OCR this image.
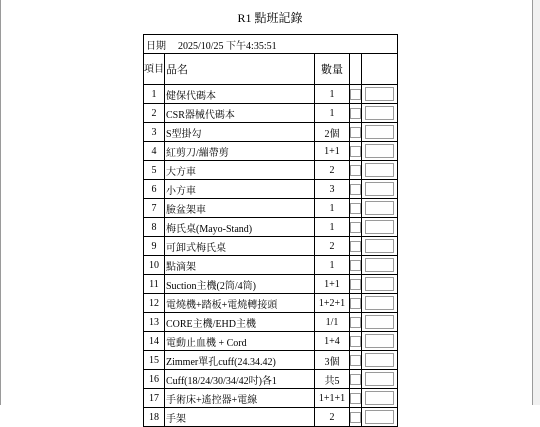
R1 點班記錄
日期 2025/10/25 下午4:35:51				
項目	品名	數量		
1	健保代碼本	1	

2	CSR器械代碼本	1	

3	S型掛勾	2個	

4	紅剪刀/繃帶剪	1+1	

5	大方車	2	

6	小方車	3	

7	臉盆架車	1	

8	梅氏桌(Mayo-Stand)	1	

9	可卸式梅氏桌	2	

10	點滴架	1	

11	Suction主機(2筒/4筒)	1+1	

12	電燒機+踏板+電燒轉接頭	1+2+1	

13	CORE主機/EHD主機	1/1	

14	電動止血機 + Cord	1+4	

15	Zimmer單孔cuff(24.34.42)	3個	

16	Cuff(18/24/30/34/42吋)各1	共5	

17	手術床+遙控器+電線	1+1+1	

18	手架	2	
